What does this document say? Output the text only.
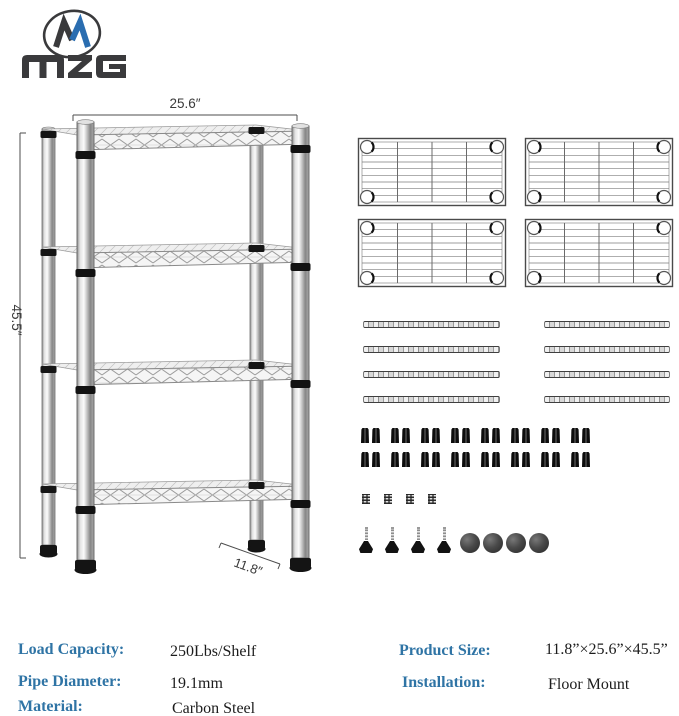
25.6″
45.5″
11.8″
Load Capacity:	250Lbs/Shelf
Pipe Diameter:	19.1mm
Material:	Carbon Steel
Product Size:	11.8”×25.6”×45.5”
Installation:	Floor Mount
